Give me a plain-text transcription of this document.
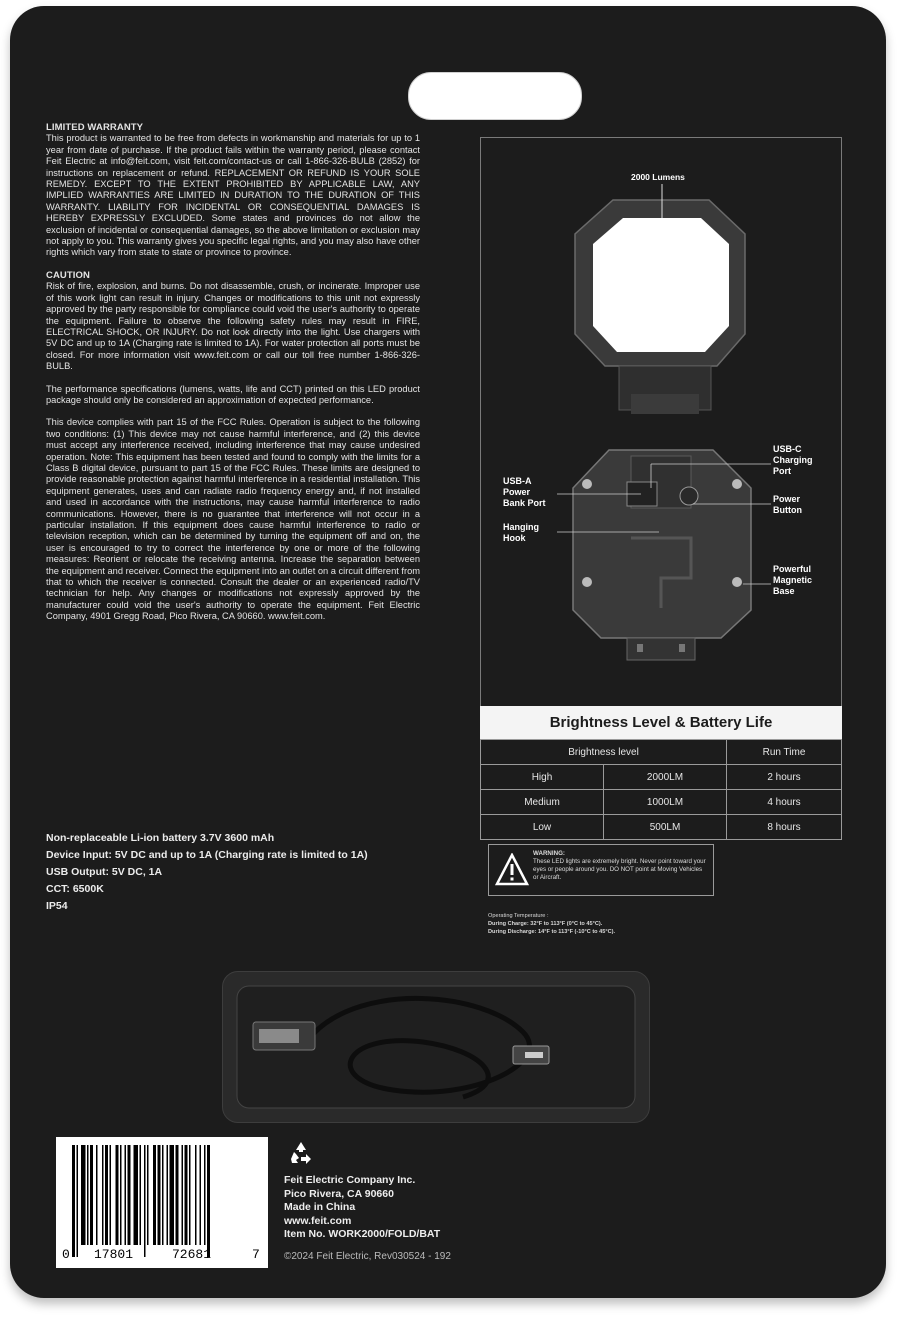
LIMITED WARRANTY

This product is warranted to be free from defects in workmanship and materials for up to 1 year from date of purchase. If the product fails within the warranty period, please contact Feit Electric at info@feit.com, visit feit.com/contact-us or call 1-866-326-BULB (2852) for instructions on replacement or refund. REPLACEMENT OR REFUND IS YOUR SOLE REMEDY. EXCEPT TO THE EXTENT PROHIBITED BY APPLICABLE LAW, ANY IMPLIED WARRANTIES ARE LIMITED IN DURATION TO THE DURATION OF THIS WARRANTY. LIABILITY FOR INCIDENTAL OR CONSEQUENTIAL DAMAGES IS HEREBY EXPRESSLY EXCLUDED. Some states and provinces do not allow the exclusion of incidental or consequential damages, so the above limitation or exclusion may not apply to you. This warranty gives you specific legal rights, and you may also have other rights which vary from state to state or province to province.

CAUTION

Risk of fire, explosion, and burns. Do not disassemble, crush, or incinerate. Improper use of this work light can result in injury. Changes or modifications to this unit not expressly approved by the party responsible for compliance could void the user's authority to operate the equipment. Failure to observe the following safety rules may result in FIRE, ELECTRICAL SHOCK, OR INJURY. Do not look directly into the light. Use chargers with 5V DC and up to 1A (Charging rate is limited to 1A). For water protection all ports must be closed. For more information visit www.feit.com or call our toll free number 1-866-326-BULB.

The performance specifications (lumens, watts, life and CCT) printed on this LED product package should only be considered an approximation of expected performance.

This device complies with part 15 of the FCC Rules. Operation is subject to the following two conditions: (1) This device may not cause harmful interference, and (2) this device must accept any interference received, including interference that may cause undesired operation. Note: This equipment has been tested and found to comply with the limits for a Class B digital device, pursuant to part 15 of the FCC Rules. These limits are designed to provide reasonable protection against harmful interference in a residential installation. This equipment generates, uses and can radiate radio frequency energy and, if not installed and used in accordance with the instructions, may cause harmful interference to radio communications. However, there is no guarantee that interference will not occur in a particular installation. If this equipment does cause harmful interference to radio or television reception, which can be determined by turning the equipment off and on, the user is encouraged to try to correct the interference by one or more of the following measures: Reorient or relocate the receiving antenna. Increase the separation between the equipment and receiver. Connect the equipment into an outlet on a circuit different from that to which the receiver is connected. Consult the dealer or an experienced radio/TV technician for help. Any changes or modifications not expressly approved by the manufacturer could void the user's authority to operate the equipment. Feit Electric Company, 4901 Gregg Road, Pico Rivera, CA 90660. www.feit.com.

Non-replaceable Li-ion battery 3.7V 3600 mAh
Device Input: 5V DC and up to 1A (Charging rate is limited to 1A)
USB Output: 5V DC, 1A
CCT: 6500K
IP54
2000 Lumens
USB-C
Charging
Port
USB-A
Power
Bank Port	Power
Button
Hanging
Hook
Powerful
Magnetic
Base
Brightness Level & Battery Life
Brightness level		Run Time
High	2000LM	2 hours
Medium	1000LM	4 hours
Low	500LM	8 hours
WARNING:
These LED lights are extremely bright. Never point toward your eyes or people around you. DO NOT point at Moving Vehicles or Aircraft.
Operating Temperature :
During Charge: 32°F to 113°F (0°C to 45°C).
During Discharge: 14°F to 113°F (-10°C to 45°C).
0 17801	72681	7
Feit Electric Company Inc.
Pico Rivera, CA 90660
Made in China
www.feit.com
Item No. WORK2000/FOLD/BAT
©2024 Feit Electric, Rev030524 - 192
